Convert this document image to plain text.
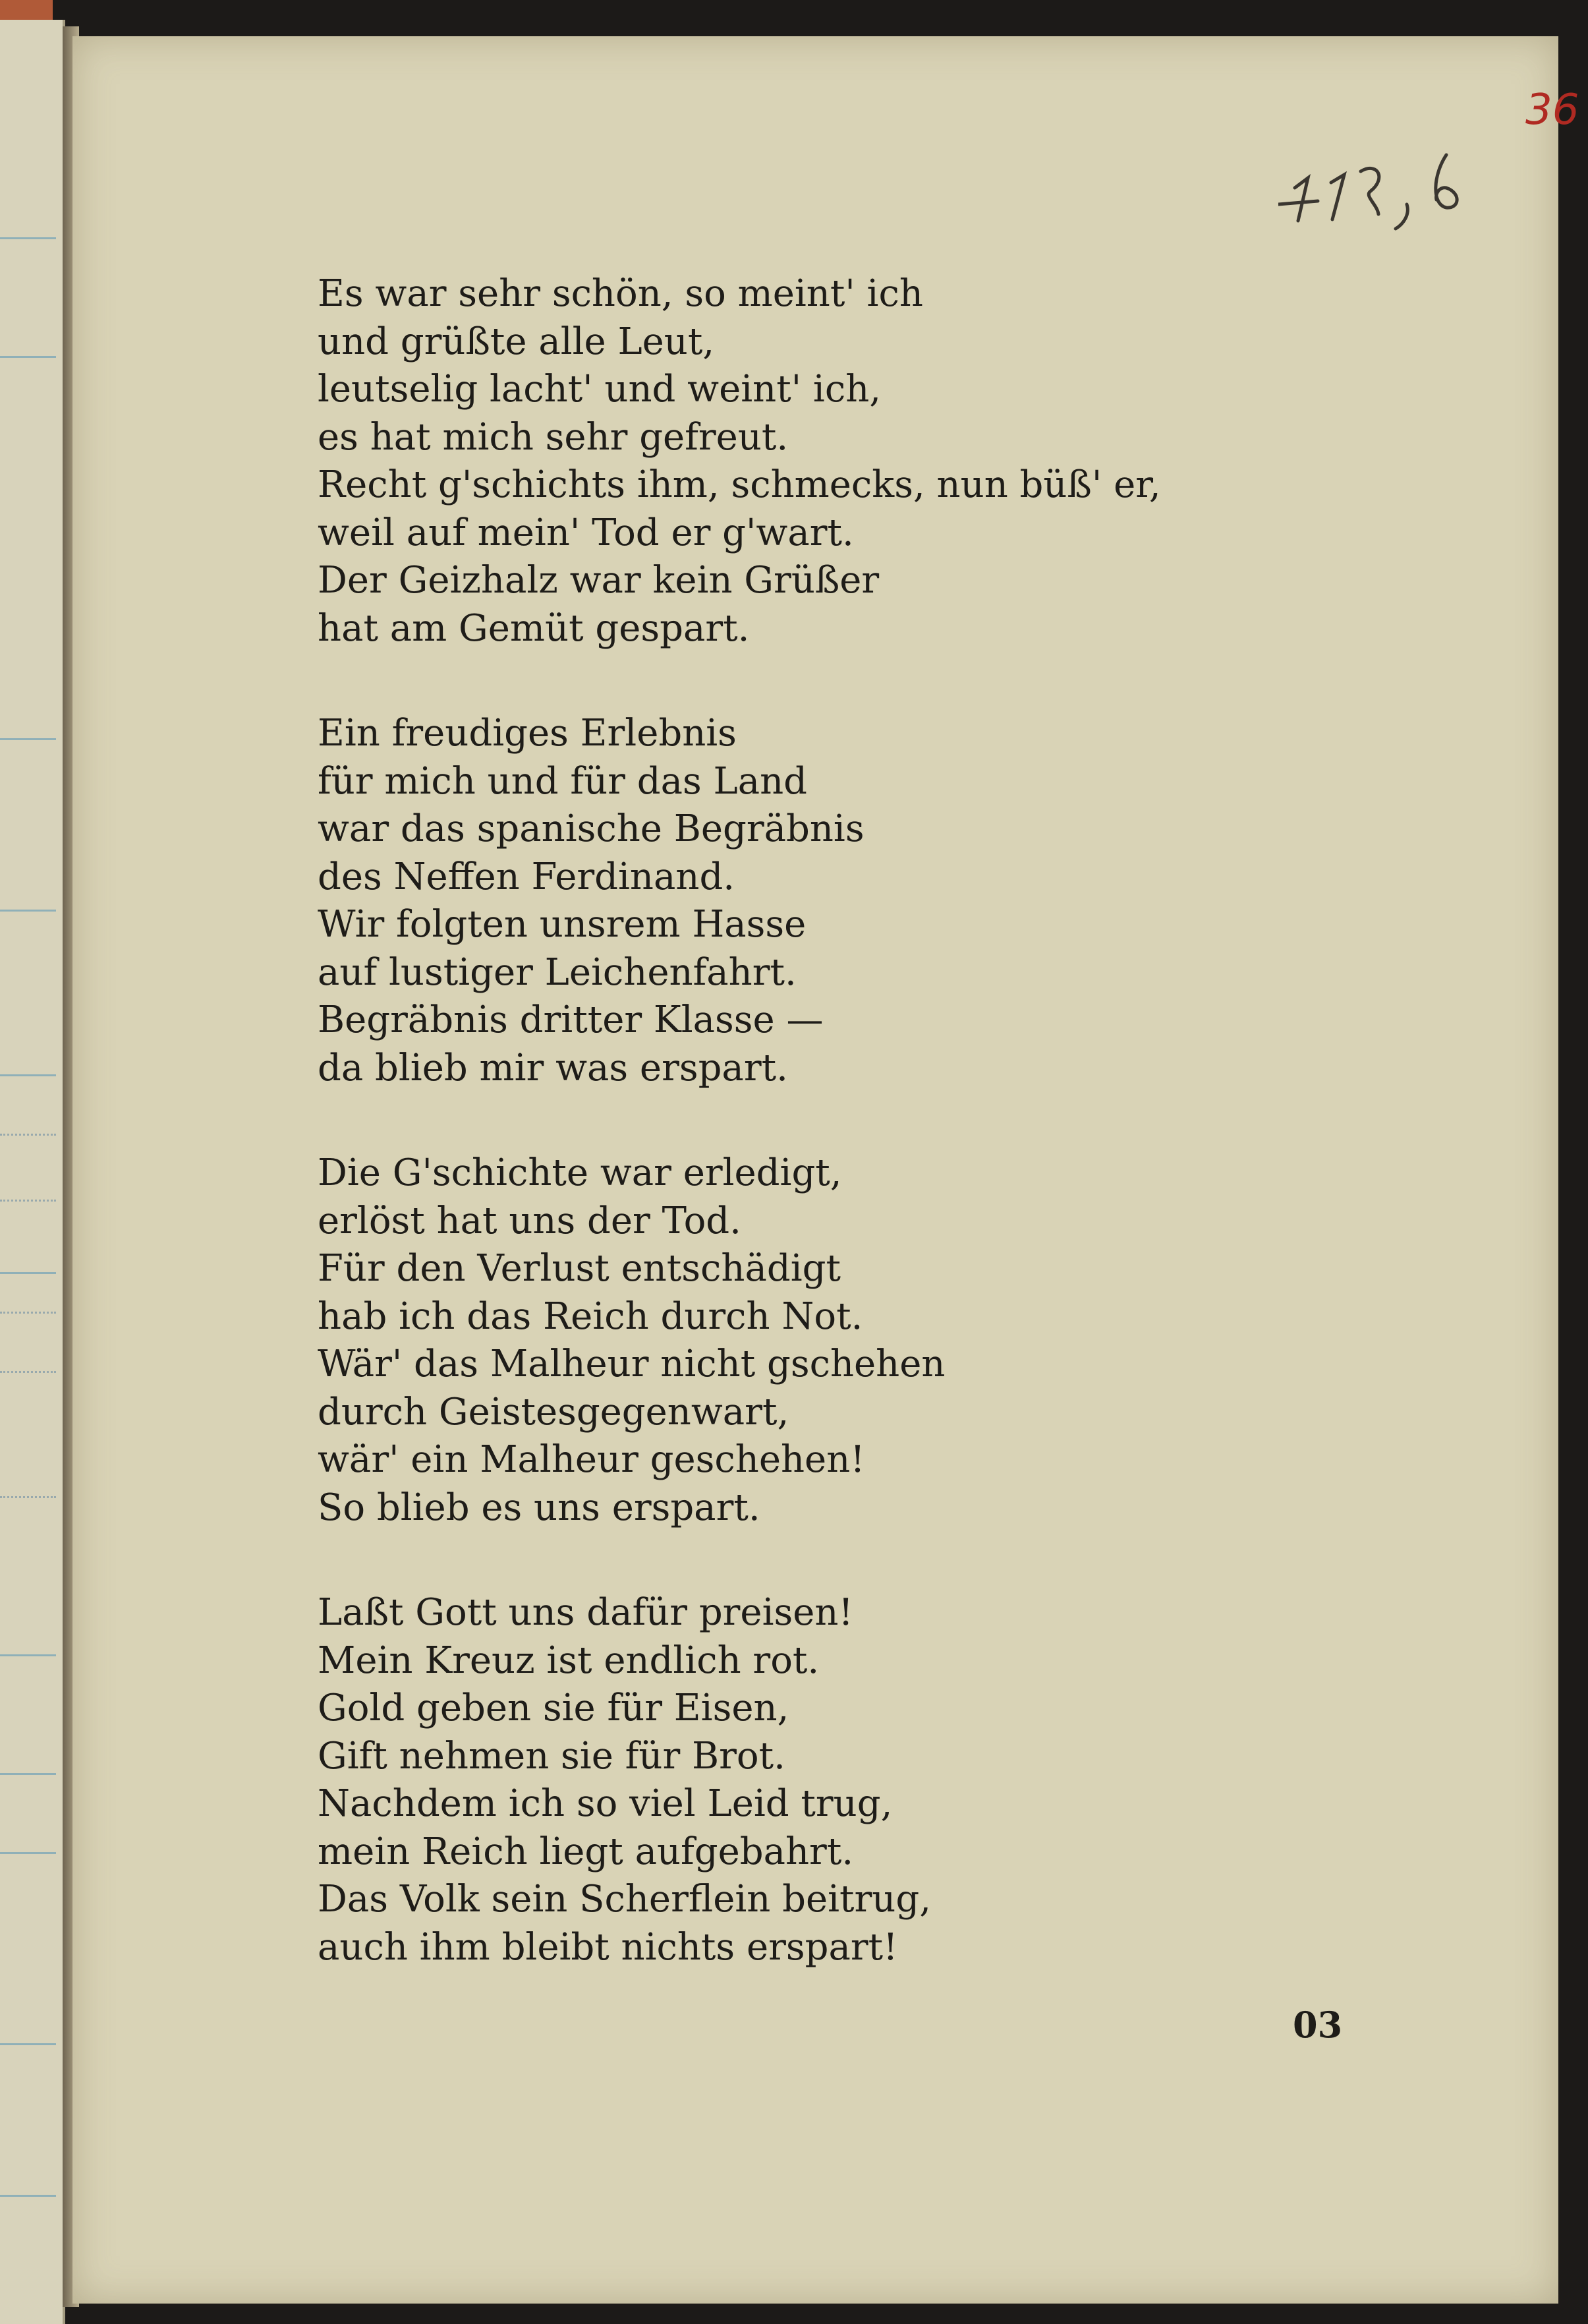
36
79,6
Es war sehr schön, so meint' ich
und grüßte alle Leut,
leutselig lacht' und weint' ich,
es hat mich sehr gefreut.
Recht g'schichts ihm, schmecks, nun büß' er,
weil auf mein' Tod er g'wart.
Der Geizhalz war kein Grüßer
hat am Gemüt gespart.
Ein freudiges Erlebnis
für mich und für das Land
war das spanische Begräbnis
des Neffen Ferdinand.
Wir folgten unsrem Hasse
auf lustiger Leichenfahrt.
Begräbnis dritter Klasse —
da blieb mir was erspart.
Die G'schichte war erledigt,
erlöst hat uns der Tod.
Für den Verlust entschädigt
hab ich das Reich durch Not.
Wär' das Malheur nicht gschehen
durch Geistesgegenwart,
wär' ein Malheur geschehen!
So blieb es uns erspart.
Laßt Gott uns dafür preisen!
Mein Kreuz ist endlich rot.
Gold geben sie für Eisen,
Gift nehmen sie für Brot.
Nachdem ich so viel Leid trug,
mein Reich liegt aufgebahrt.
Das Volk sein Scherflein beitrug,
auch ihm bleibt nichts erspart!
03
